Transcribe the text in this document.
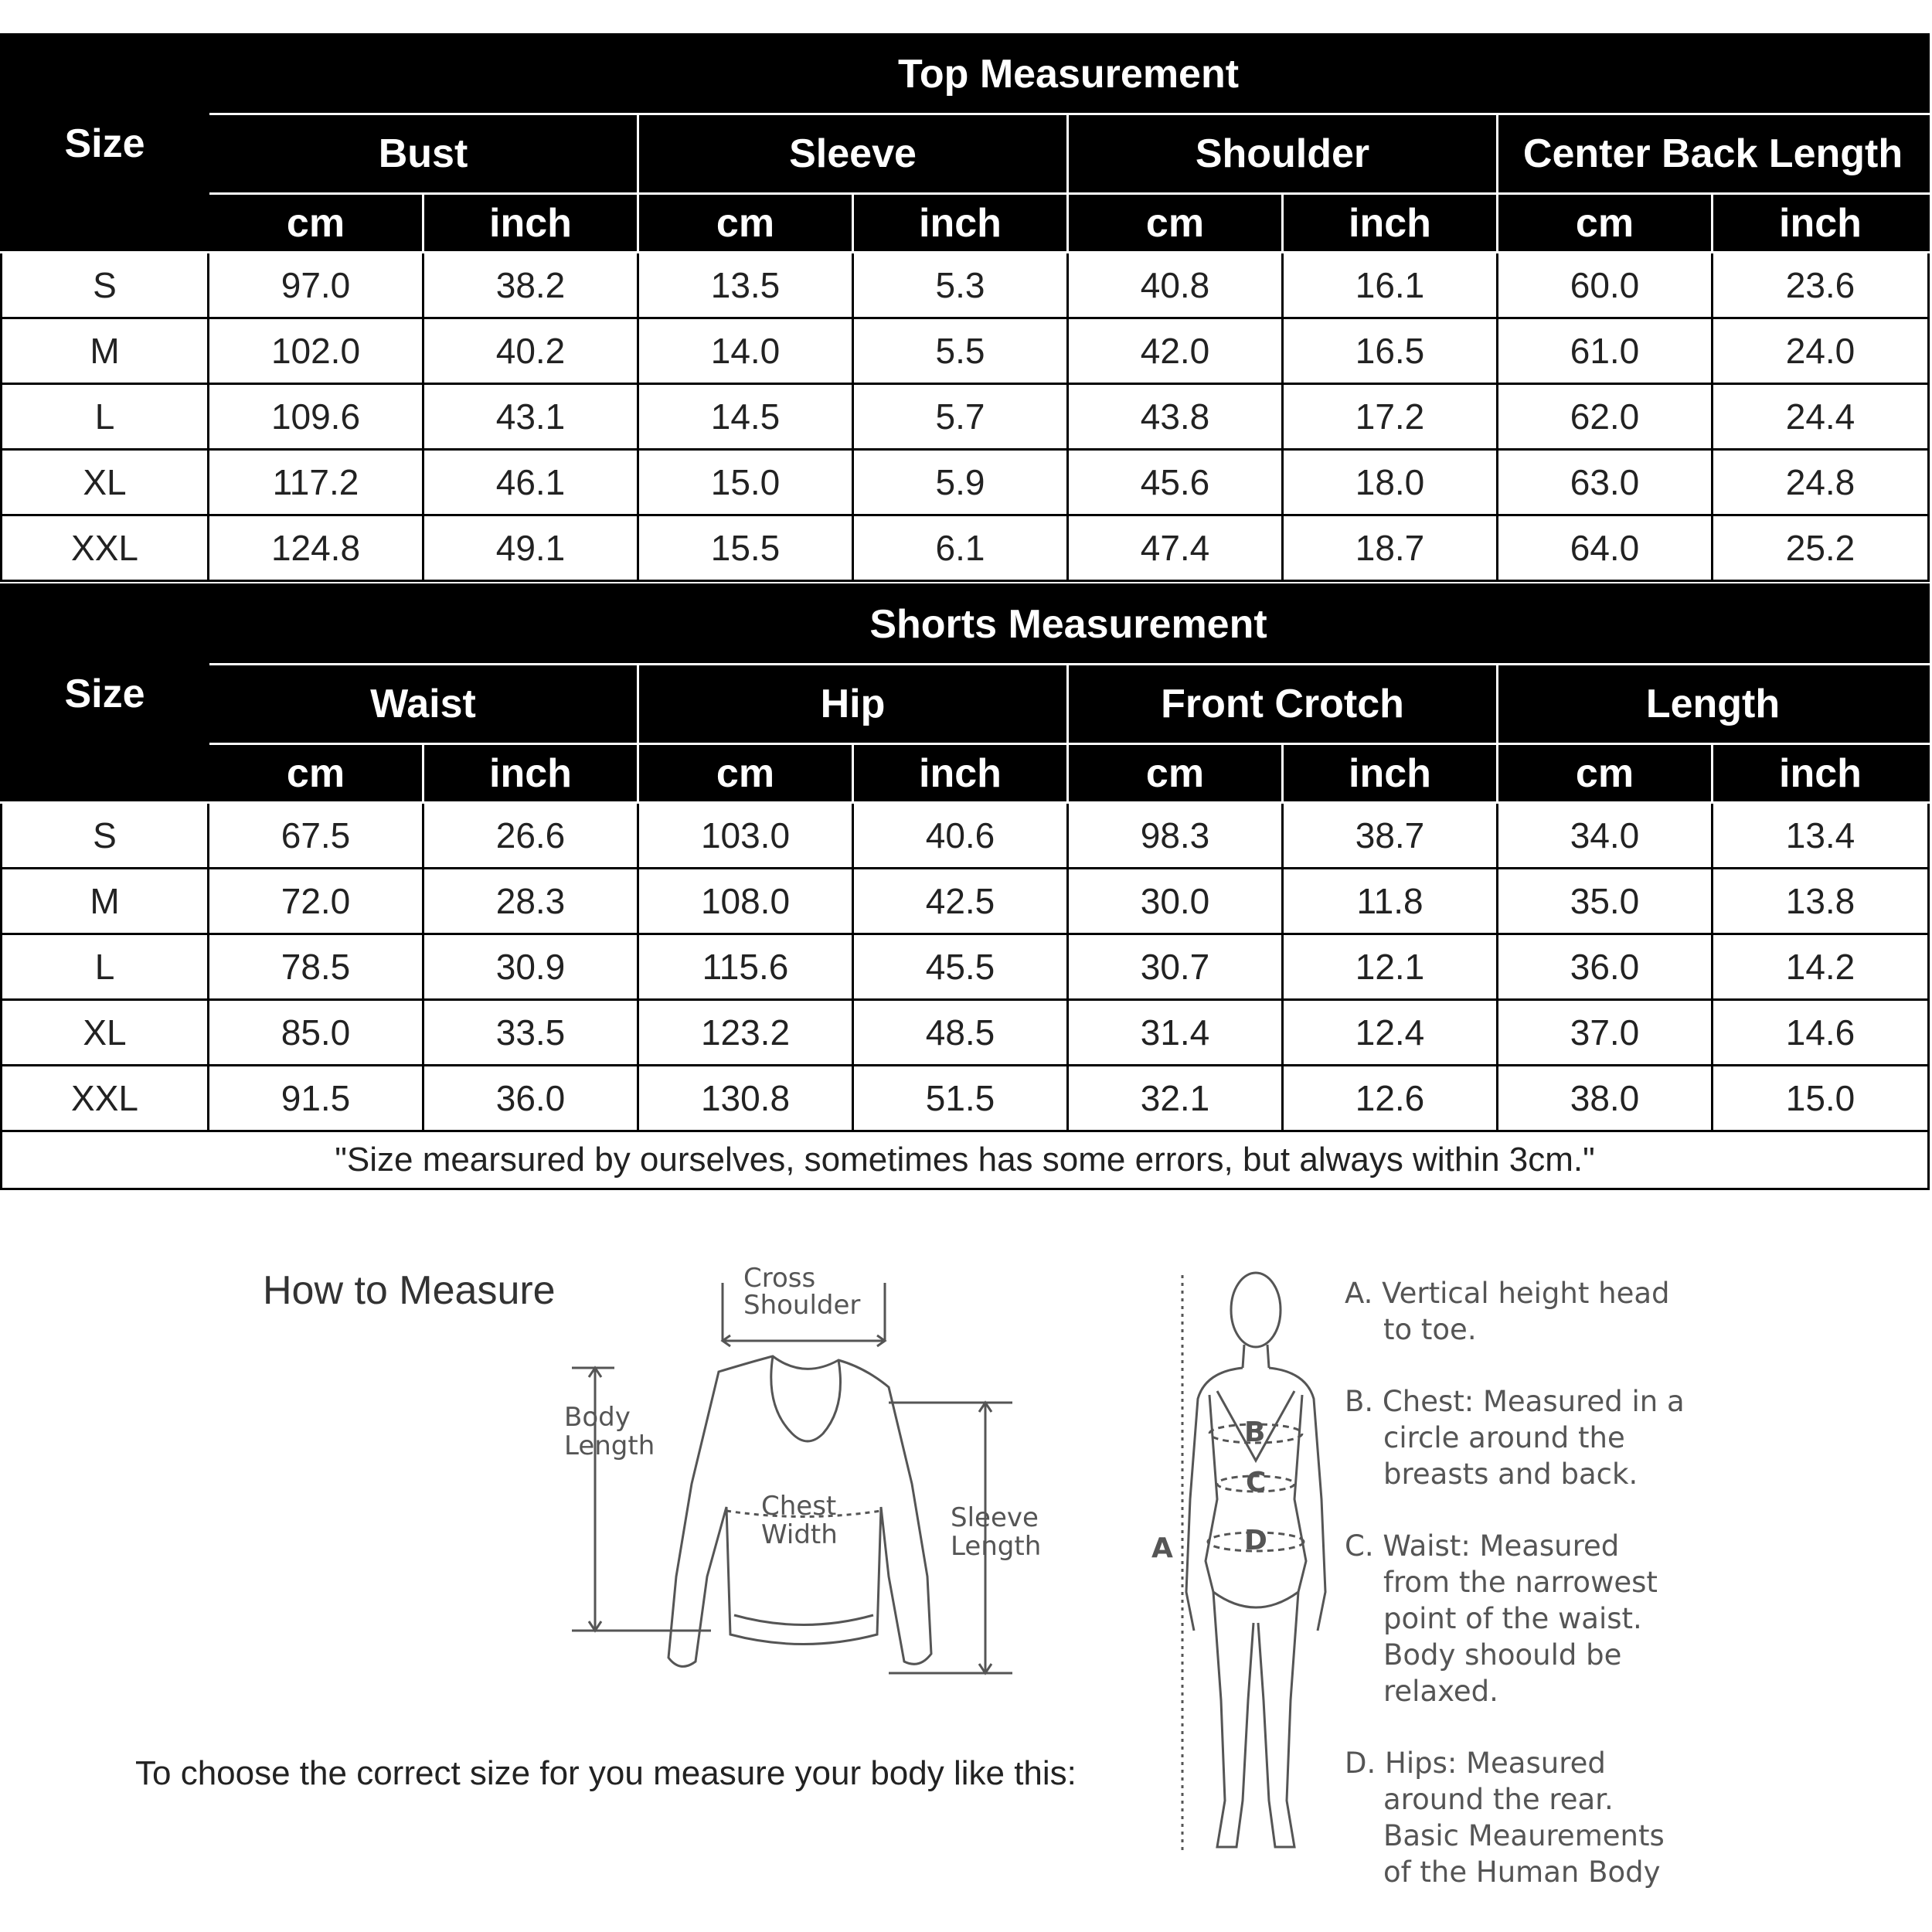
Size	Top Measurement							
	Bust		Sleeve		Shoulder		Center Back Length	
	cm	inch	cm	inch	cm	inch	cm	inch
S	97.0	38.2	13.5	5.3	40.8	16.1	60.0	23.6
M	102.0	40.2	14.0	5.5	42.0	16.5	61.0	24.0
L	109.6	43.1	14.5	5.7	43.8	17.2	62.0	24.4
XL	117.2	46.1	15.0	5.9	45.6	18.0	63.0	24.8
XXL	124.8	49.1	15.5	6.1	47.4	18.7	64.0	25.2
Size	Shorts Measurement							
	Waist		Hip		Front Crotch		Length	
	cm	inch	cm	inch	cm	inch	cm	inch
S	67.5	26.6	103.0	40.6	98.3	38.7	34.0	13.4
M	72.0	28.3	108.0	42.5	30.0	11.8	35.0	13.8
L	78.5	30.9	115.6	45.5	30.7	12.1	36.0	14.2
XL	85.0	33.5	123.2	48.5	31.4	12.4	37.0	14.6
XXL	91.5	36.0	130.8	51.5	32.1	12.6	38.0	15.0
"Size mearsured by ourselves, sometimes has some errors, but always within 3cm."								
How to Measure	Cross
Shoulder
Body
Length
Chest
Width
Sleeve
Length
B
C
D
A
A. Vertical height head
to toe.
B. Chest: Measured in a
circle around the
breasts and back.
C. Waist: Measured
from the narrowest
point of the waist.
Body shoould be
relaxed.
D. Hips: Measured
around the rear.
Basic Meaurements
of the Human Body
To choose the correct size for you measure your body like this:
